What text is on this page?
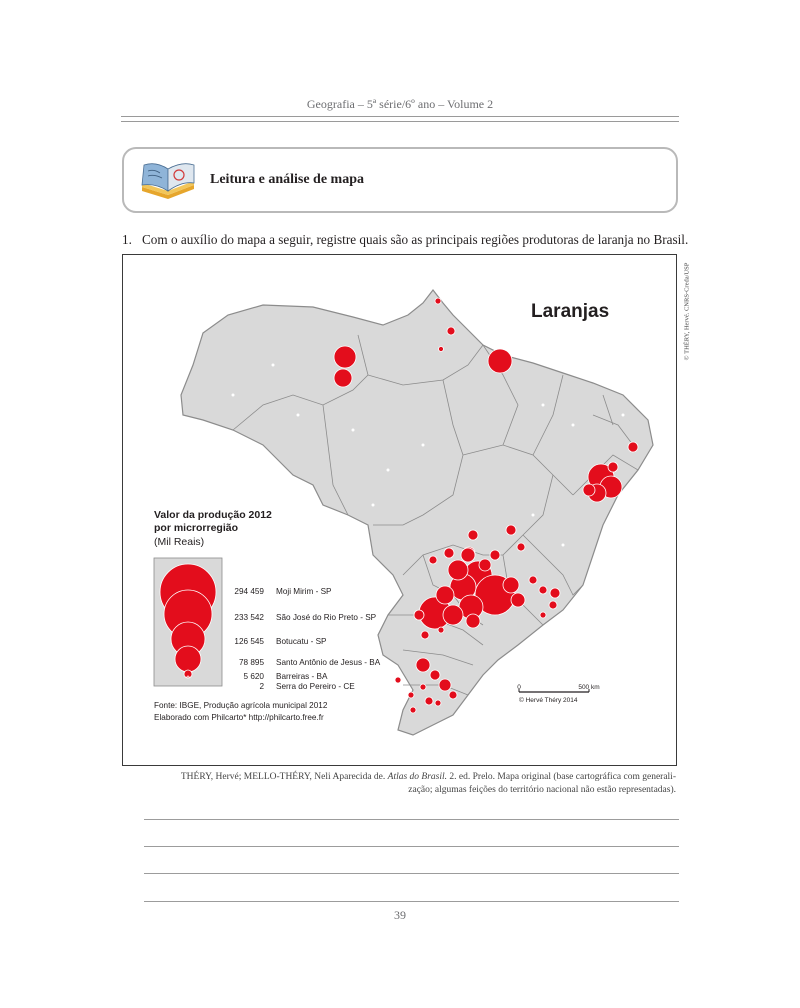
Geografia – 5ª série/6º ano – Volume 2
Leitura e análise de mapa
1. Com o auxílio do mapa a seguir, registre quais são as principais regiões produtoras de laranja no Brasil.
Laranjas
Valor da produção 2012
por microrregião
(Mil Reais)
294 459 Moji Mirim - SP
233 542 São José do Rio Preto - SP
126 545 Botucatu - SP
78 895 Santo Antônio de Jesus - BA
5 620 Barreiras - BA
2 Serra do Pereiro - CE
Fonte: IBGE, Produção agrícola municipal 2012
Elaborado com Philcarto* http://philcarto.free.fr
0	500 km
© Hervé Théry 2014
© THÉRY, Hervé. CNRS-Creda/USP
THÉRY, Hervé; MELLO-THÉRY, Neli Aparecida de. Atlas do Brasil. 2. ed. Prelo. Mapa original (base cartográfica com generali-
zação; algumas feições do território nacional não estão representadas).
39
